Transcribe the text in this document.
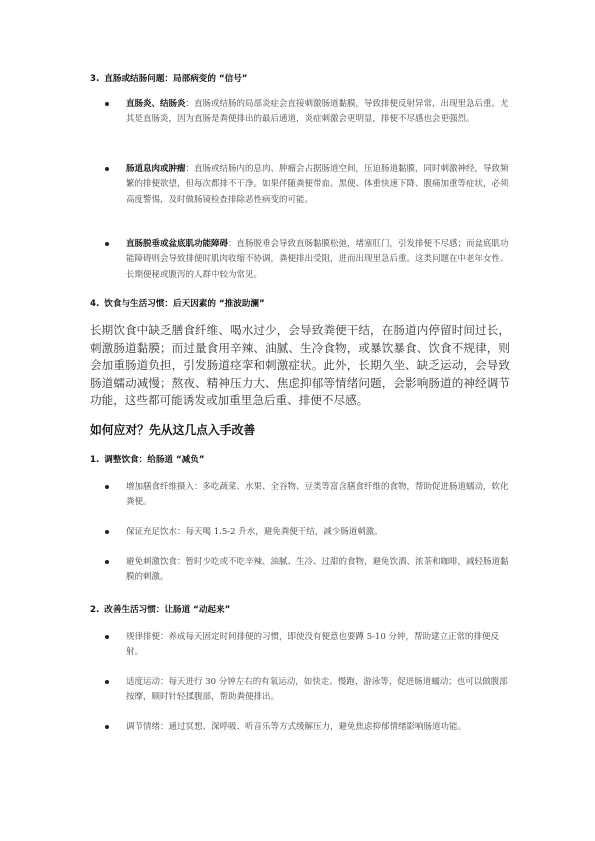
3. 直肠或结肠问题：局部病变的 “信号”
直肠炎、结肠炎：直肠或结肠的局部炎症会直接刺激肠道黏膜，导致排便反射异常，出现里急后重。尤其是直肠炎，因为直肠是粪便排出的最后通道，炎症刺激会更明显，排便不尽感也会更强烈。
肠道息肉或肿瘤：直肠或结肠内的息肉、肿瘤会占据肠道空间，压迫肠道黏膜，同时刺激神经，导致频繁的排便欲望，但每次都排不干净。如果伴随粪便带血、黑便、体重快速下降、腹痛加重等症状，必须高度警惕，及时做肠镜检查排除恶性病变的可能。
直肠脱垂或盆底肌功能障碍：直肠脱垂会导致直肠黏膜松弛，堵塞肛门，引发排便不尽感；而盆底肌功能障碍则会导致排便时肌肉收缩不协调，粪便排出受阻，进而出现里急后重。这类问题在中老年女性、长期便秘或腹泻的人群中较为常见。
4. 饮食与生活习惯：后天因素的 “推波助澜”
长期饮食中缺乏膳食纤维、喝水过少，会导致粪便干结，在肠道内停留时间过长，刺激肠道黏膜；而过量食用辛辣、油腻、生冷食物，或暴饮暴食、饮食不规律，则会加重肠道负担，引发肠道痉挛和刺激症状。此外，长期久坐、缺乏运动，会导致肠道蠕动减慢；熬夜、精神压力大、焦虑抑郁等情绪问题，会影响肠道的神经调节功能，这些都可能诱发或加重里急后重、排便不尽感。
如何应对？先从这几点入手改善
1. 调整饮食：给肠道 “减负”
增加膳食纤维摄入：多吃蔬菜、水果、全谷物、豆类等富含膳食纤维的食物，帮助促进肠道蠕动，软化粪便。
保证充足饮水：每天喝 1.5-2 升水，避免粪便干结，减少肠道刺激。
避免刺激饮食：暂时少吃或不吃辛辣、油腻、生冷、过甜的食物，避免饮酒、浓茶和咖啡，减轻肠道黏膜的刺激。
2. 改善生活习惯：让肠道 “动起来”
规律排便：养成每天固定时间排便的习惯，即使没有便意也要蹲 5-10 分钟，帮助建立正常的排便反射。
适度运动：每天进行 30 分钟左右的有氧运动，如快走、慢跑、游泳等，促进肠道蠕动；也可以做腹部按摩，顺时针轻揉腹部，帮助粪便排出。
调节情绪：通过冥想、深呼吸、听音乐等方式缓解压力，避免焦虑抑郁情绪影响肠道功能。
